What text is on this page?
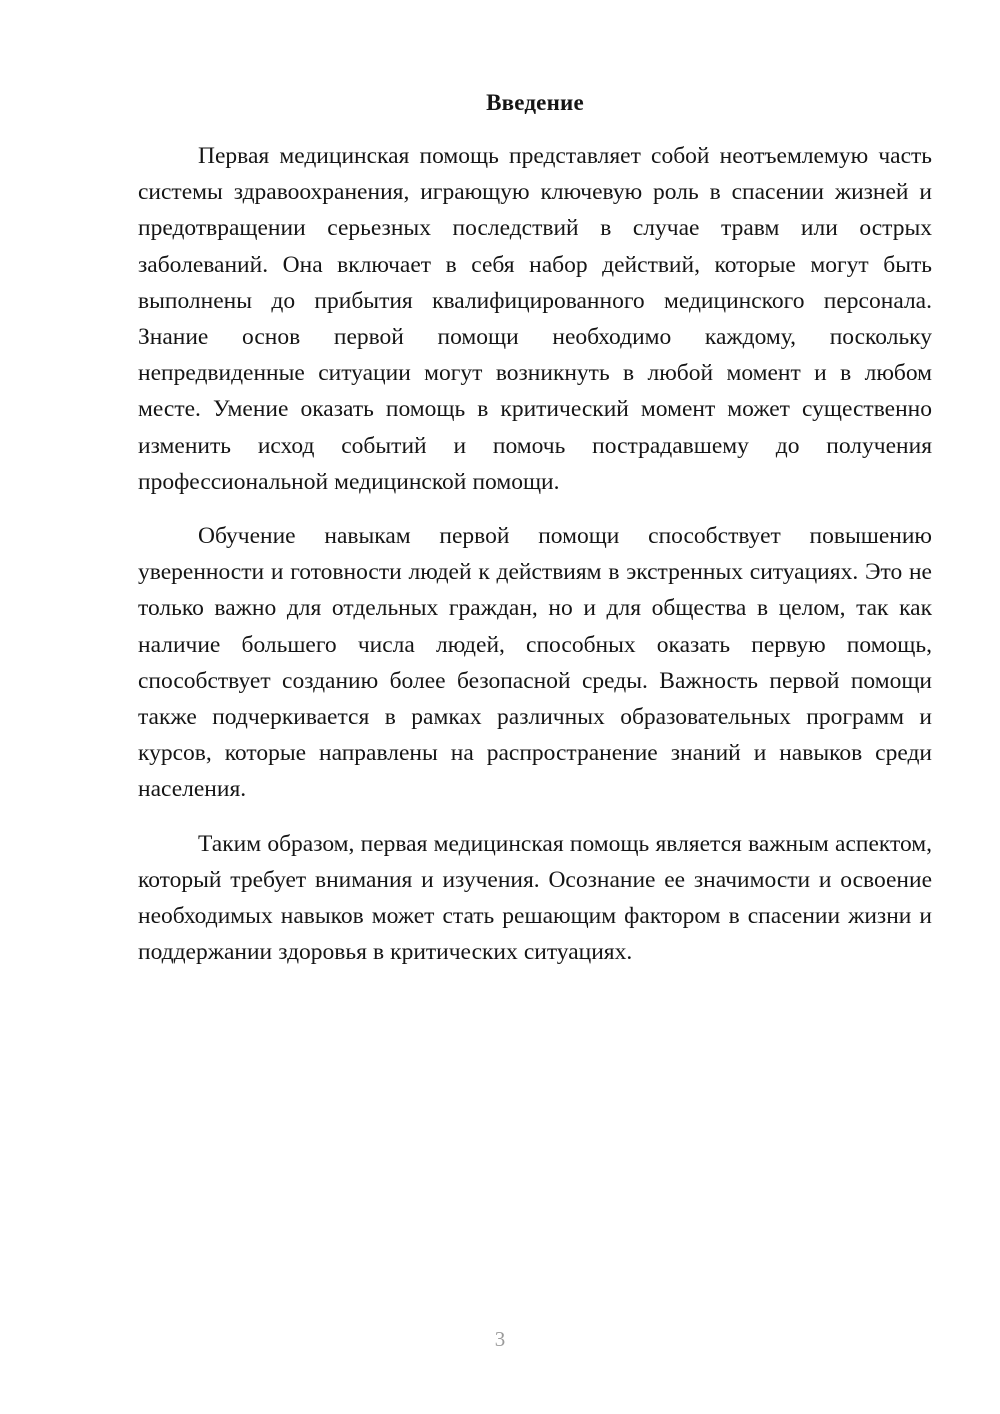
Введение

Первая медицинская помощь представляет собой неотъемлемую часть системы здравоохранения, играющую ключевую роль в спасении жизней и предотвращении серьезных последствий в случае травм или острых заболеваний. Она включает в себя набор действий, которые могут быть выполнены до прибытия квалифицированного медицинского персонала. Знание основ первой помощи необходимо каждому, поскольку непредвиденные ситуации могут возникнуть в любой момент и в любом месте. Умение оказать помощь в критический момент может существенно изменить исход событий и помочь пострадавшему до получения профессиональной медицинской помощи.

Обучение навыкам первой помощи способствует повышению уверенности и готовности людей к действиям в экстренных ситуациях. Это не только важно для отдельных граждан, но и для общества в целом, так как наличие большего числа людей, способных оказать первую помощь, способствует созданию более безопасной среды. Важность первой помощи также подчеркивается в рамках различных образовательных программ и курсов, которые направлены на распространение знаний и навыков среди населения.

Таким образом, первая медицинская помощь является важным аспектом, который требует внимания и изучения. Осознание ее значимости и освоение необходимых навыков может стать решающим фактором в спасении жизни и поддержании здоровья в критических ситуациях.

3
